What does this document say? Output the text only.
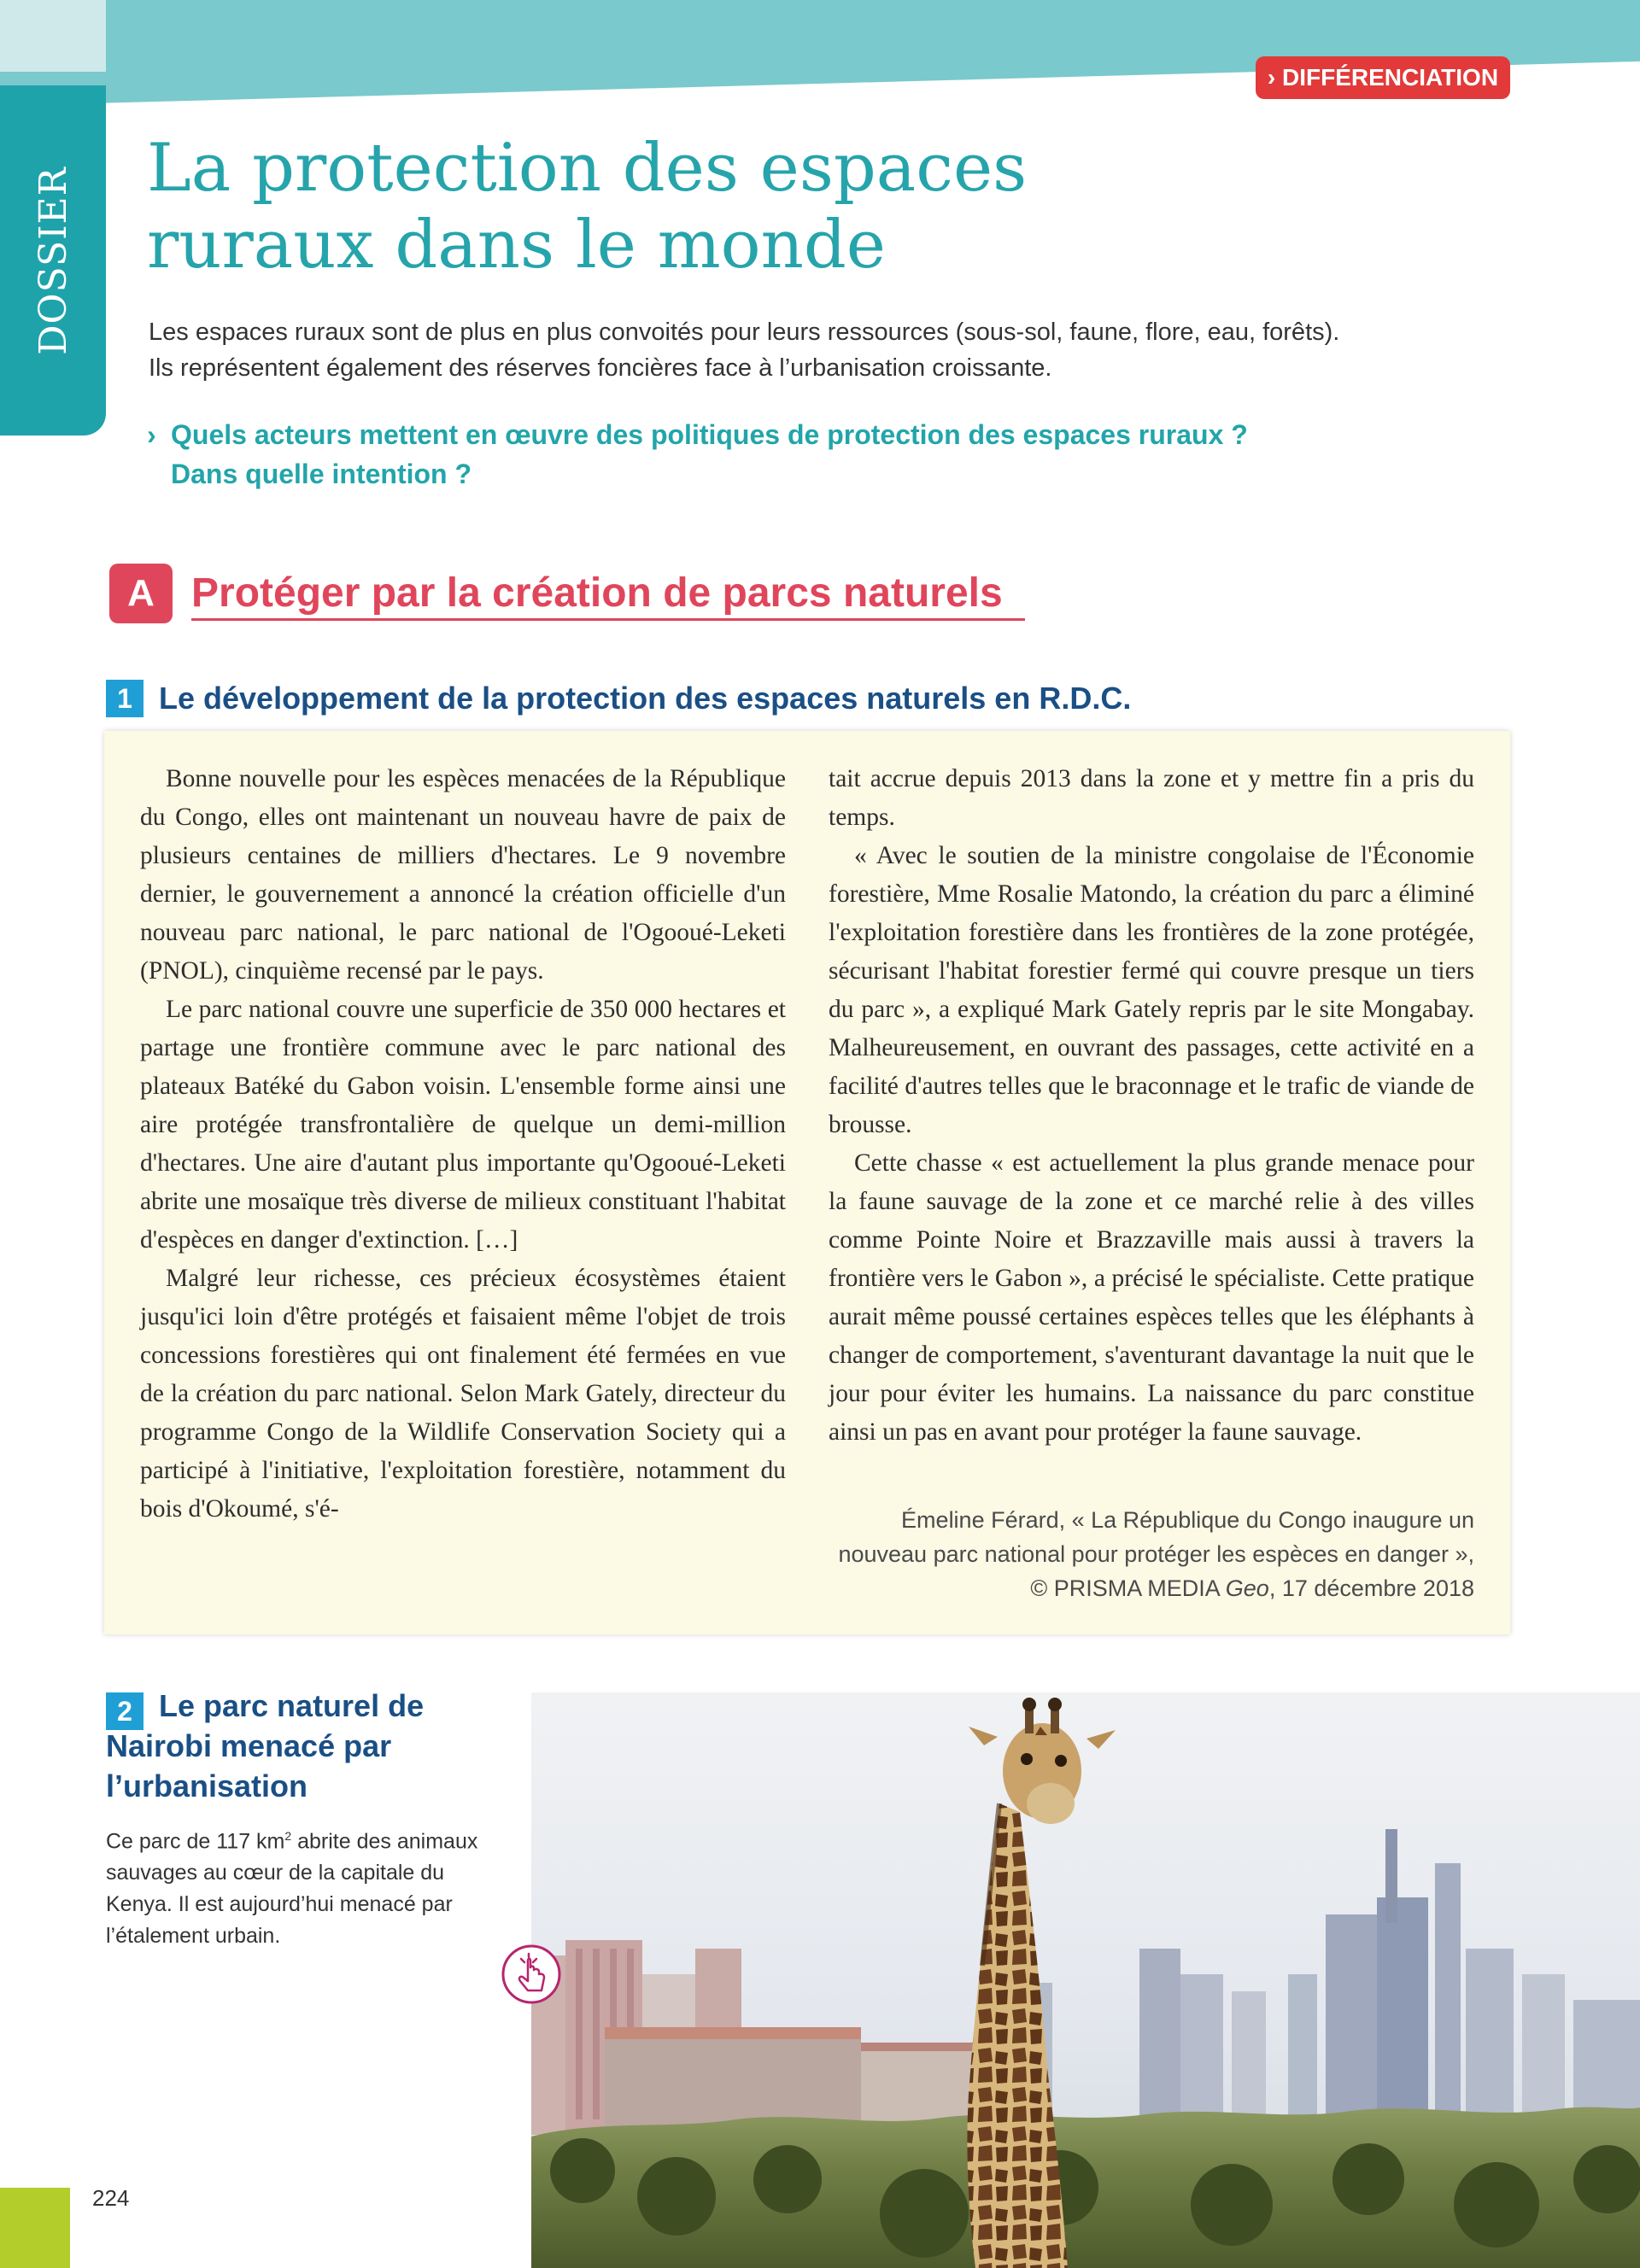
DOSSIER
› DIFFÉRENCIATION
La protection des espaces
ruraux dans le monde
Les espaces ruraux sont de plus en plus convoités pour leurs ressources (sous-sol, faune, flore, eau, forêts).
Ils représentent également des réserves foncières face à l’urbanisation croissante.
› Quels acteurs mettent en œuvre des politiques de protection des espaces ruraux ?
Dans quelle intention ?
A Protéger par la création de parcs naturels
1 Le développement de la protection des espaces naturels en R.D.C.

Bonne nouvelle pour les espèces menacées de la République du Congo, elles ont maintenant un nouveau havre de paix de plusieurs centaines de milliers d'hectares. Le 9 novembre dernier, le gouvernement a annoncé la création officielle d'un nouveau parc national, le parc national de l'Ogooué-Leketi (PNOL), cinquième recensé par le pays.

Le parc national couvre une superficie de 350 000 hectares et partage une frontière commune avec le parc national des plateaux Batéké du Gabon voisin. L'ensemble forme ainsi une aire protégée transfrontalière de quelque un demi-million d'hectares. Une aire d'autant plus importante qu'Ogooué-Leketi abrite une mosaïque très diverse de milieux constituant l'habitat d'espèces en danger d'extinction. […]

Malgré leur richesse, ces précieux écosystèmes étaient jusqu'ici loin d'être protégés et faisaient même l'objet de trois concessions forestières qui ont finalement été fermées en vue de la création du parc national. Selon Mark Gately, directeur du programme Congo de la Wildlife Conservation Society qui a participé à l'initiative, l'exploitation forestière, notamment du bois d'Okoumé, s'é-

tait accrue depuis 2013 dans la zone et y mettre fin a pris du temps.

« Avec le soutien de la ministre congolaise de l'Économie forestière, Mme Rosalie Matondo, la création du parc a éliminé l'exploitation forestière dans les frontières de la zone protégée, sécurisant l'habitat forestier fermé qui couvre presque un tiers du parc », a expliqué Mark Gately repris par le site Mongabay. Malheureusement, en ouvrant des passages, cette activité en a facilité d'autres telles que le braconnage et le trafic de viande de brousse.

Cette chasse « est actuellement la plus grande menace pour la faune sauvage de la zone et ce marché relie à des villes comme Pointe Noire et Brazzaville mais aussi à travers la frontière vers le Gabon », a précisé le spécialiste. Cette pratique aurait même poussé certaines espèces telles que les éléphants à changer de comportement, s'aventurant davantage la nuit que le jour pour éviter les humains. La naissance du parc constitue ainsi un pas en avant pour protéger la faune sauvage.

Émeline Férard, « La République du Congo inaugure un nouveau parc national pour protéger les espèces en danger », © PRISMA MEDIA Geo, 17 décembre 2018
2 Le parc naturel de Nairobi menacé par l’urbanisation
Ce parc de 117 $km^2$ abrite des animaux sauvages au cœur de la capitale du Kenya. Il est aujourd’hui menacé par l’étalement urbain.
224
